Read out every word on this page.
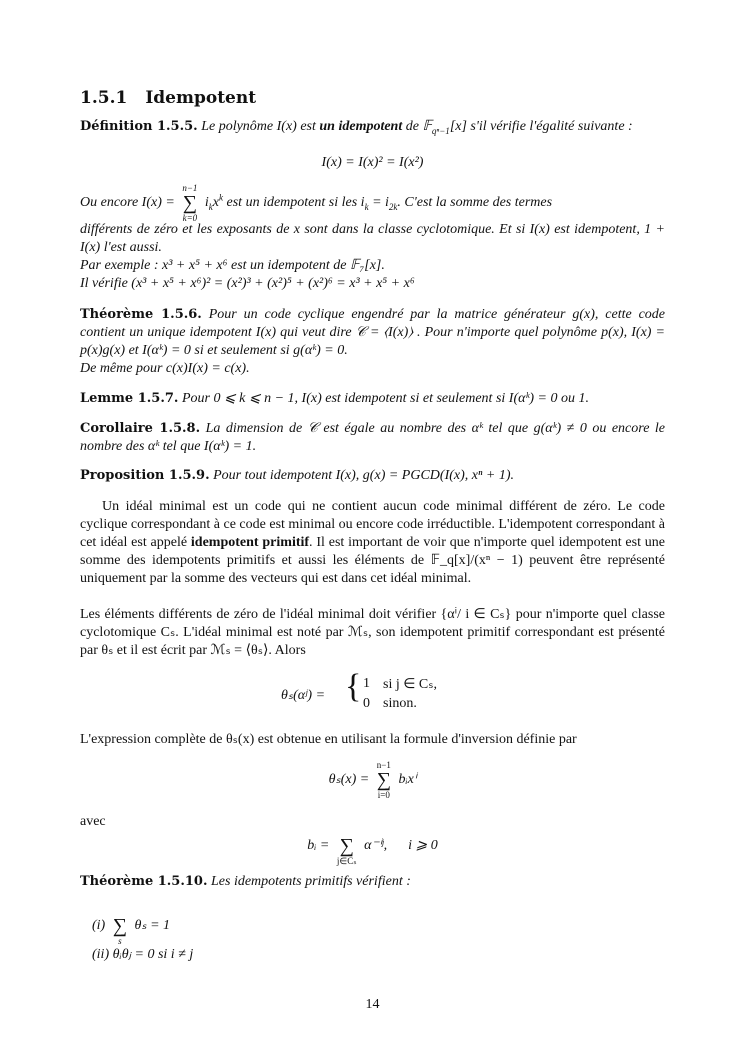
1.5.1 Idempotent
Définition 1.5.5. Le polynôme I(x) est un idempotent de 𝔽$_{q^n-1}$[x] s'il vérifie l'égalité suivante :
I(x) = I(x)² = I(x²)
Ou encore I(x) =
n−1
∑
k=0
$i_kx^k$ est un idempotent si les $i_k = i_{2k}$. C'est la somme des termes
différents de zéro et les exposants de x sont dans la classe cyclotomique. Et si I(x) est idempotent, 1 + I(x) l'est aussi.
Par exemple : x³ + x⁵ + x⁶ est un idempotent de 𝔽₇[x].
Il vérifie (x³ + x⁵ + x⁶)² = (x²)³ + (x²)⁵ + (x²)⁶ = x³ + x⁵ + x⁶
Théorème 1.5.6. Pour un code cyclique engendré par la matrice générateur g(x), cette code contient un unique idempotent I(x) qui veut dire 𝒞 = ⟨I(x)⟩ . Pour n'importe quel polynôme p(x), I(x) = p(x)g(x) et I(αᵏ) = 0 si et seulement si g(αᵏ) = 0.
De même pour c(x)I(x) = c(x).
Lemme 1.5.7. Pour 0 ⩽ k ⩽ n − 1, I(x) est idempotent si et seulement si I(αᵏ) = 0 ou 1.
Corollaire 1.5.8. La dimension de 𝒞 est égale au nombre des αᵏ tel que g(αᵏ) ≠ 0 ou encore le nombre des αᵏ tel que I(αᵏ) = 1.
Proposition 1.5.9. Pour tout idempotent I(x), g(x) = PGCD(I(x), xⁿ + 1).
Un idéal minimal est un code qui ne contient aucun code minimal différent de zéro. Le code cyclique correspondant à ce code est minimal ou encore code irréductible. L'idempotent correspondant à cet idéal est appelé idempotent primitif. Il est important de voir que n'importe quel idempotent est une somme des idempotents primitifs et aussi les éléments de 𝔽_q[x]/(xⁿ − 1) peuvent être représenté uniquement par la somme des vecteurs qui est dans cet idéal minimal.
Les éléments différents de zéro de l'idéal minimal doit vérifier {αⁱ/ i ∈ Cₛ} pour n'importe quel classe cyclotomique Cₛ. L'idéal minimal est noté par ℳₛ, son idempotent primitif correspondant est présenté par θₛ et il est écrit par ℳₛ = ⟨θₛ⟩. Alors
θₛ(αʲ) = { 1 si j ∈ Cₛ,
0 sinon.
L'expression complète de θₛ(x) est obtenue en utilisant la formule d'inversion définie par
θₛ(x) =
n−1
∑
i=0
bᵢxⁱ
avec
bᵢ =
∑
j∈Cₛ
α⁻ⁱʲ,      i ⩾ 0
Théorème 1.5.10. Les idempotents primitifs vérifient :
(i)
∑
s
θₛ = 1
(ii) θᵢθⱼ = 0 si i ≠ j
14
